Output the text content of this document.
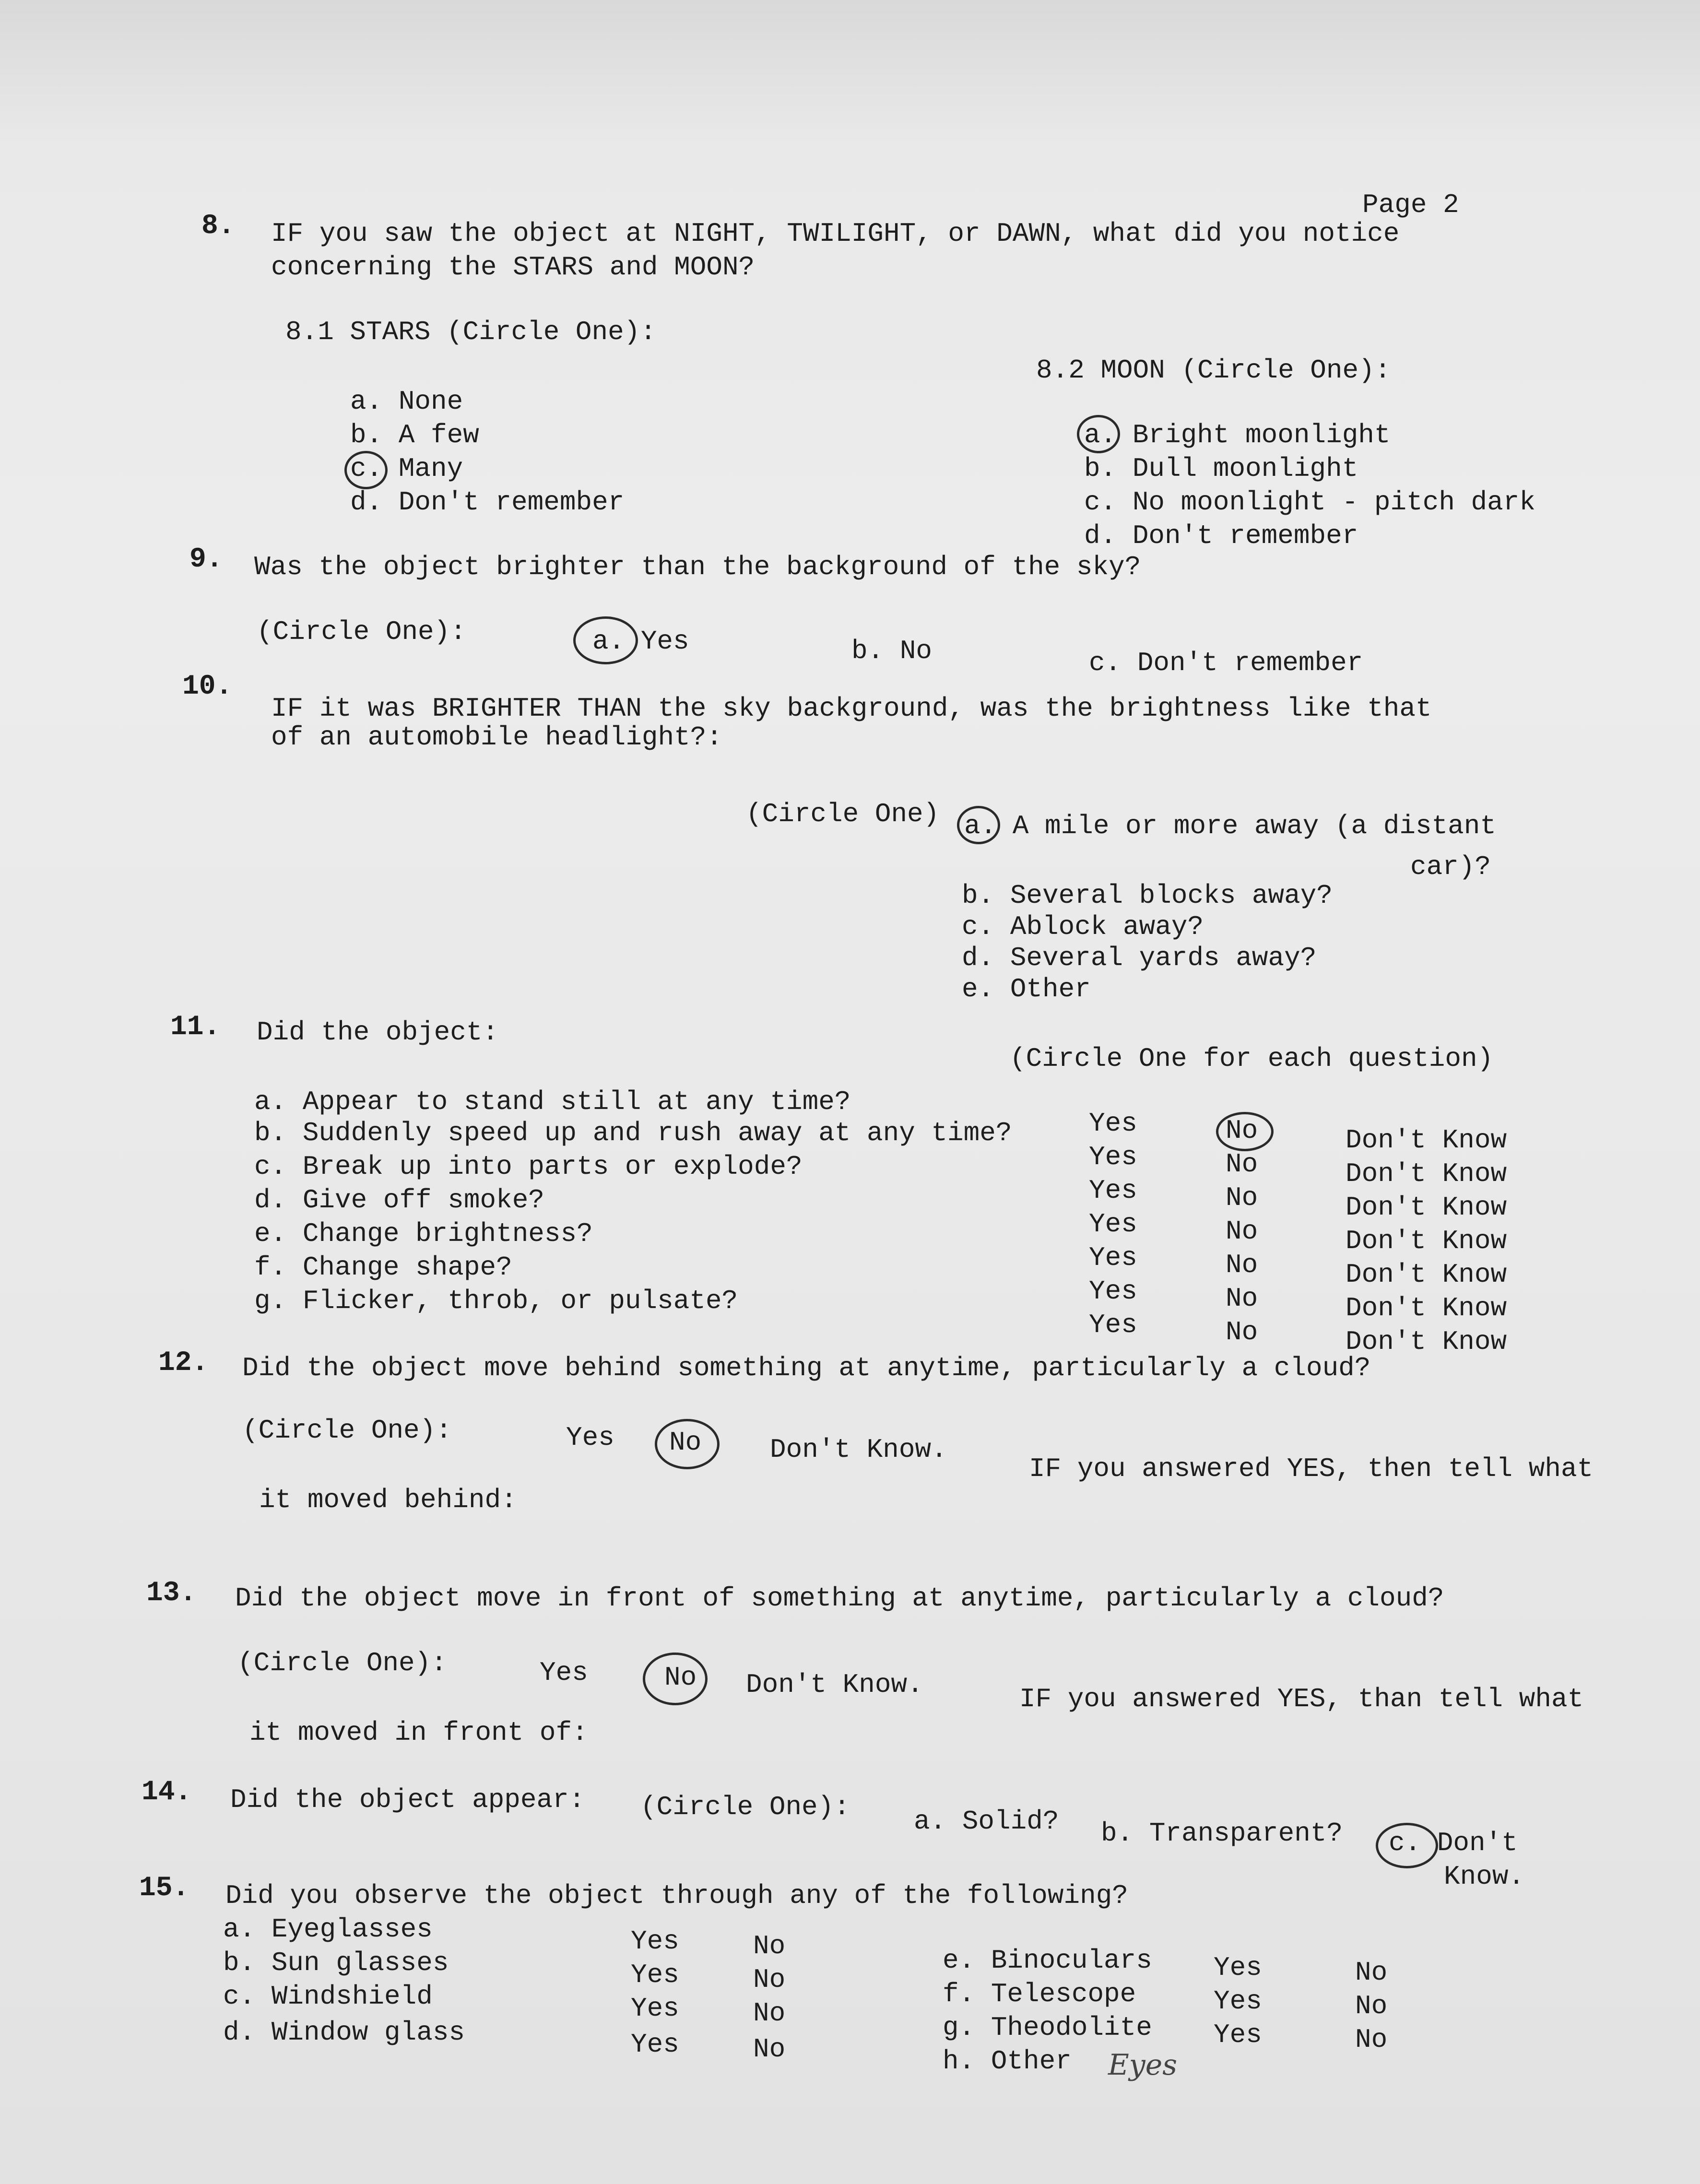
Page 2
8. IF you saw the object at NIGHT, TWILIGHT, or DAWN, what did you notice
concerning the STARS and MOON?
8.1 STARS (Circle One):
a. None
b. A few
c. Many
d. Don't remember
8.2 MOON (Circle One):
a. Bright moonlight
b. Dull moonlight
c. No moonlight - pitch dark
d. Don't remember
9. Was the object brighter than the background of the sky?
(Circle One):	a. Yes	b. No	c. Don't remember
10.
IF it was BRIGHTER THAN the sky background, was the brightness like that
of an automobile headlight?:
(Circle One) a. A mile or more away (a distant
car)?
b. Several blocks away?
c. Ablock away?
d. Several yards away?
e. Other
11. Did the object:
(Circle One for each question)
a. Appear to stand still at any time?
Yes	No	Don't Know
b. Suddenly speed up and rush away at any time?
Yes	No	Don't Know
c. Break up into parts or explode?
Yes	No	Don't Know
d. Give off smoke?
Yes	No	Don't Know
e. Change brightness?
Yes	No	Don't Know
f. Change shape?
Yes	No	Don't Know
g. Flicker, throb, or pulsate?
Yes	No	Don't Know
12. Did the object move behind something at anytime, particularly a cloud?
(Circle One):	Yes No	Don't Know.
IF you answered YES, then tell what
it moved behind:
13. Did the object move in front of something at anytime, particularly a cloud?
(Circle One):	Yes	No Don't Know.	IF you answered YES, than tell what
it moved in front of:
14. Did the object appear: (Circle One): a. Solid? b. Transparent? c. Don't
Know.
15. Did you observe the object through any of the following?
a. Eyeglasses	Yes	No
b. Sun glasses	Yes	No
c. Windshield	Yes	No
d. Window glass	Yes	No
e. Binoculars Yes	No
f. Telescope	Yes	No
g. Theodolite Yes	No
h. Other Eyes
